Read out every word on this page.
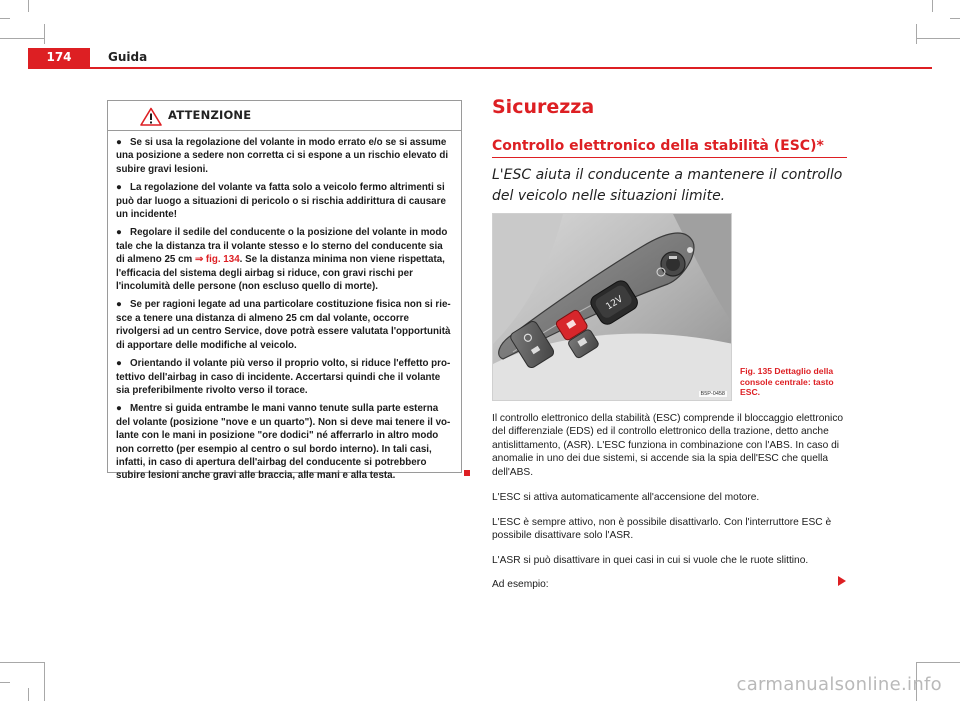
174	Guida
ATTENZIONE
● Se si usa la regolazione del volante in modo errato e/o se si assume una posizione a sedere non corretta ci si espone a un rischio elevato di subire gravi lesioni.
● La regolazione del volante va fatta solo a veicolo fermo altrimenti si può dar luogo a situazioni di pericolo o si rischia addirittura di causare un incidente!
● Regolare il sedile del conducente o la posizione del volante in modo tale che la distanza tra il volante stesso e lo sterno del conducente sia di almeno 25 cm ⇒ fig. 134. Se la distanza minima non viene rispettata, l'efficacia del sistema degli airbag si riduce, con gravi rischi per l'incolumità delle persone (non escluso quello di morte).
● Se per ragioni legate ad una particolare costituzione fisica non si riesce a tenere una distanza di almeno 25 cm dal volante, occorre rivolgersi ad un centro Service, dove potrà essere valutata l'opportunità di apportare delle modifiche al veicolo.
● Orientando il volante più verso il proprio volto, si riduce l'effetto protettivo dell'airbag in caso di incidente. Accertarsi quindi che il volante sia preferibilmente rivolto verso il torace.
● Mentre si guida entrambe le mani vanno tenute sulla parte esterna del volante (posizione "nove e un quarto"). Non si deve mai tenere il volante con le mani in posizione "ore dodici" né afferrarlo in altro modo non corretto (per esempio al centro o sul bordo interno). In tali casi, infatti, in caso di apertura dell'airbag del conducente si potrebbero subire lesioni anche gravi alle braccia, alle mani e alla testa.
Sicurezza
Controllo elettronico della stabilità (ESC)*
L'ESC aiuta il conducente a mantenere il controllo del veicolo nelle situazioni limite.
12V
B5P-0458
Fig. 135 Dettaglio della console centrale: tasto ESC.
Il controllo elettronico della stabilità (ESC) comprende il bloccaggio elettronico del differenziale (EDS) ed il controllo elettronico della trazione, detto anche antislittamento, (ASR). L'ESC funziona in combinazione con l'ABS. In caso di anomalie in uno dei due sistemi, si accende sia la spia dell'ESC che quella dell'ABS.
L'ESC si attiva automaticamente all'accensione del motore.
L'ESC è sempre attivo, non è possibile disattivarlo. Con l'interruttore ESC è possibile disattivare solo l'ASR.
L'ASR si può disattivare in quei casi in cui si vuole che le ruote slittino.
Ad esempio:
carmanualsonline.info
